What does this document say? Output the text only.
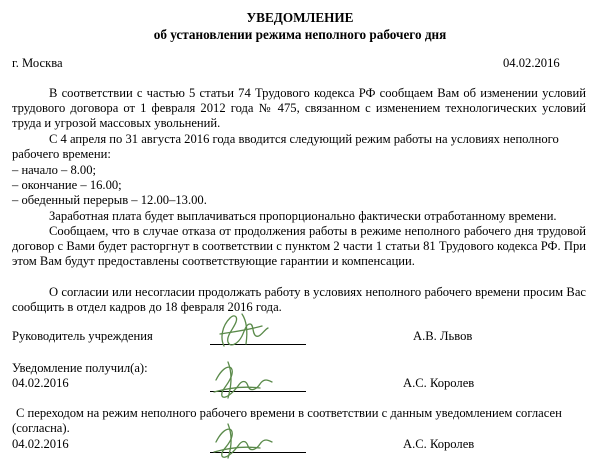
УВЕДОМЛЕНИЕ
об установлении режима неполного рабочего дня
г. Москва	04.02.2016
В соответствии с частью 5 статьи 74 Трудового кодекса РФ сообщаем Вам об изменении условий трудового договора от 1 февраля 2012 года № 475, связанном с изменением технологических условий труда и угрозой массовых увольнений.
С 4 апреля по 31 августа 2016 года вводится следующий режим работы на условиях неполного рабочего времени:
– начало – 8.00;
– окончание – 16.00;
– обеденный перерыв – 12.00–13.00.
Заработная плата будет выплачиваться пропорционально фактически отработанному времени.
Сообщаем, что в случае отказа от продолжения работы в режиме неполного рабочего дня трудовой договор с Вами будет расторгнут в соответствии с пунктом 2 части 1 статьи 81 Трудового кодекса РФ. При этом Вам будут предоставлены соответствующие гарантии и компенсации.
О согласии или несогласии продолжать работу в условиях неполного рабочего времени просим Вас сообщить в отдел кадров до 18 февраля 2016 года.
Руководитель учреждения	А.В. Львов
Уведомление получил(а):
04.02.2016	А.С. Королев
С переходом на режим неполного рабочего времени в соответствии с данным уведомлением согласен (согласна).
04.02.2016	А.С. Королев
